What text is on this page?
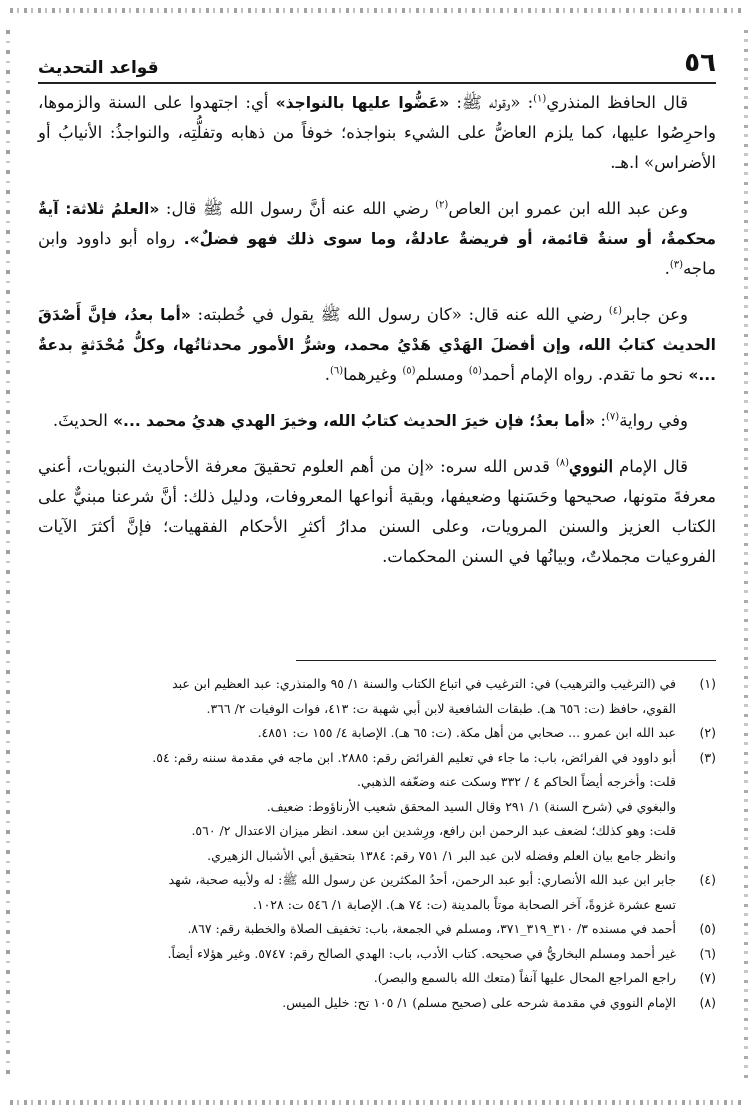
٥٦
قواعد التحديث

قال الحافظ المنذري$^{(١)}$: «وقوله ﷺ: «عَضُّوا عليها بالنواجذ» أي: اجتهدوا على السنة والزموها، واحرِصُوا عليها، كما يلزم العاضُّ على الشيء بنواجذه؛ خوفاً من ذهابه وتفلُّتِه، والنواجذُ: الأنيابُ أو الأضراس» ا.هـ.

وعن عبد الله ابن عمرو ابن العاص$^{(٢)}$ رضي الله عنه أنَّ رسول الله ﷺ قال: «العلمُ ثلاثة: آيةٌ محكمةٌ، أو سنةٌ قائمة، أو فريضةٌ عادلةٌ، وما سوى ذلك فهو فضلٌ». رواه أبو داوود وابن ماجه$^{(٣)}$.

وعن جابر$^{(٤)}$ رضي الله عنه قال: «كان رسول الله ﷺ يقول في خُطبته: «أما بعدُ، فإنَّ أَصْدَقَ الحديث كتابُ الله، وإن أفضلَ الهَدْي هَدْيُ محمد، وشرُّ الأمور محدثاتُها، وكلُّ مُحْدَثةٍ بدعةٌ ...» نحو ما تقدم. رواه الإمام أحمد$^{(٥)}$ ومسلم$^{(٥)}$ وغيرهما$^{(٦)}$.

وفي رواية$^{(٧)}$: «أما بعدُ؛ فإن خيرَ الحديث كتابُ الله، وخيرَ الهدي هديُ محمد ...» الحديثَ.

قال الإمام النووي$^{(٨)}$ قدس الله سره: «إن من أهم العلوم تحقيقَ معرفة الأحاديث النبويات، أعني معرفةَ متونها، صحيحها وحَسَنها وضعيفها، وبقية أنواعها المعروفات، ودليل ذلك: أنَّ شرعنا مبنيٌّ على الكتاب العزيز والسنن المرويات، وعلى السنن مدارُ أكثرِ الأحكام الفقهيات؛ فإنَّ أكثرَ الآيات الفروعيات مجملاتٌ، وبيانُها في السنن المحكمات.

(١)
في (الترغيب والترهيب) في: الترغيب في اتباع الكتاب والسنة ١/ ٩٥ والمنذري: عبد العظيم ابن عبد
القوي، حافظ (ت: ٦٥٦ هـ). طبقات الشافعية لابن أبي شهبة ت: ٤١٣، فوات الوفيات ٢/ ٣٦٦.
(٢)
عبد الله ابن عمرو ... صحابي من أهل مكة. (ت: ٦٥ هـ). الإصابة ٤/ ١٥٥ ت: ٤٨٥١.
(٣)
أبو داوود في الفرائض، باب: ما جاء في تعليم الفرائض رقم: ٢٨٨٥. ابن ماجه في مقدمة سننه رقم: ٥٤.
قلت: وأخرجه أيضاً الحاكم ٤ / ٣٣٢ وسكت عنه وضعّفه الذهبي.
والبغوي في (شرح السنة) ١/ ٢٩١ وقال السيد المحقق شعيب الأرناؤوط: ضعيف.
قلت: وهو كذلك؛ لضعف عبد الرحمن ابن رافع، ورِشدين ابن سعد. انظر ميزان الاعتدال ٢/ ٥٦٠.
وانظر جامع بيان العلم وفضله لابن عبد البر ١/ ٧٥١ رقم: ١٣٨٤ بتحقيق أبي الأشبال الزهيري.
(٤)
جابر ابن عبد الله الأنصاري: أبو عبد الرحمن، أحدُ المكثرين عن رسول الله ﷺ: له ولأبيه صحبة، شهد
تسع عشرة غزوةً، آخر الصحابة موتاً بالمدينة (ت: ٧٤ هـ). الإصابة ١/ ٥٤٦ ت: ١٠٢٨.
(٥)
أحمد في مسنده ٣/ ٣١٠_٣١٩_٣٧١، ومسلم في الجمعة، باب: تخفيف الصلاة والخطبة رقم: ٨٦٧.
(٦)
غير أحمد ومسلم البخاريُّ في صحيحه. كتاب الأدب، باب: الهدي الصالح رقم: ٥٧٤٧. وغير هؤلاء أيضاً.
(٧)
راجع المراجع المحال عليها آنفاً (متعك الله بالسمع والبصر).
(٨)
الإمام النووي في مقدمة شرحه على (صحيح مسلم) ١/ ١٠٥ تح: خليل الميس.
